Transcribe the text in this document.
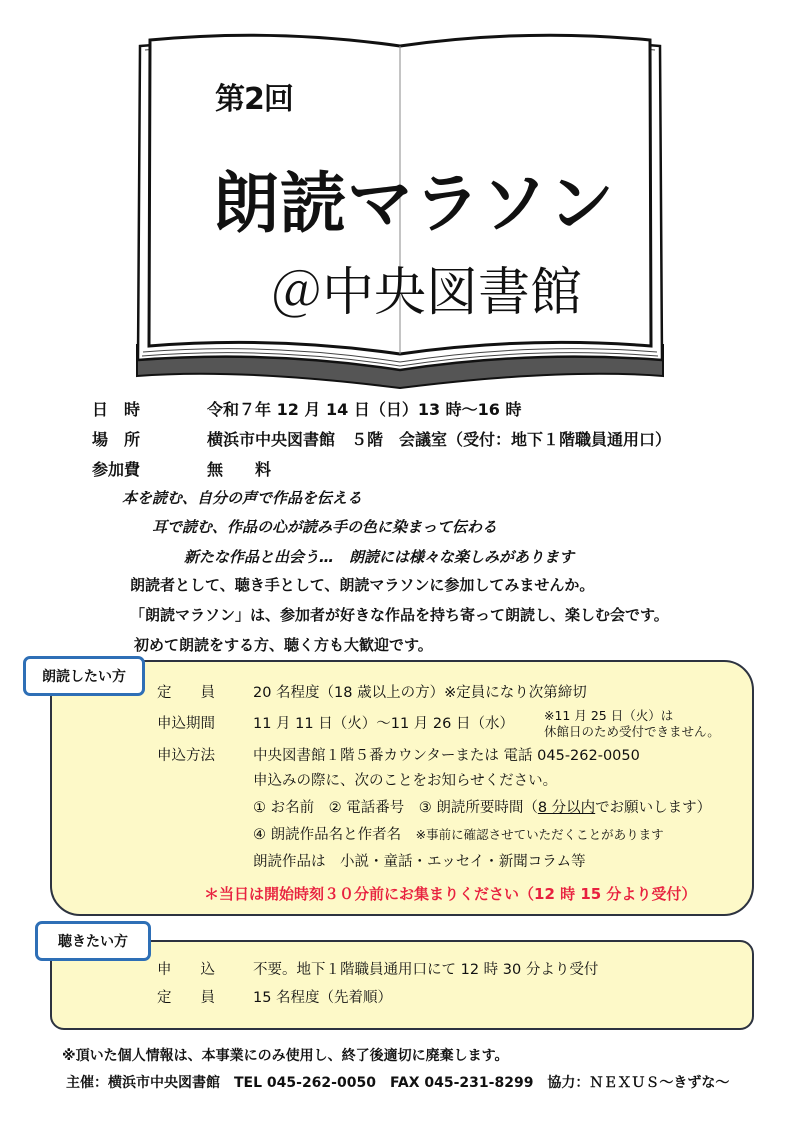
第2回
朗読マラソン
＠中央図書館
日　時	令和７年 12 月 14 日（日）13 時～16 時
場　所	横浜市中央図書館　５階　会議室（受付：地下１階職員通用口）
参加費	無　　料
本を読む、自分の声で作品を伝える
耳で読む、作品の心が読み手の色に染まって伝わる
新たな作品と出会う…　朗読には様々な楽しみがあります
朗読者として、聴き手として、朗読マラソンに参加してみませんか。
「朗読マラソン」は、参加者が好きな作品を持ち寄って朗読し、楽しむ会です。
初めて朗読をする方、聴く方も大歓迎です。
朗読したい方
定　　員	20 名程度（18 歳以上の方）※定員になり次第締切
申込期間	11 月 11 日（火）～11 月 26 日（水）
※11 月 25 日（火）は
休館日のため受付できません。
申込方法	中央図書館１階５番カウンターまたは 電話 045-262-0050
申込みの際に、次のことをお知らせください。
① お名前　② 電話番号　③ 朗読所要時間（8 分以内でお願いします）
④ 朗読作品名と作者名　 ※事前に確認させていただくことがあります
朗読作品は　小説・童話・エッセイ・新聞コラム等
＊当日は開始時刻３０分前にお集まりください（12 時 15 分より受付）
聴きたい方
申　　込	不要。地下１階職員通用口にて 12 時 30 分より受付
定　　員	15 名程度（先着順）
※頂いた個人情報は、本事業にのみ使用し、終了後適切に廃棄します。
主催：横浜市中央図書館　TEL 045-262-0050　FAX 045-231-8299　協力：ＮＥＸＵＳ～きずな～
